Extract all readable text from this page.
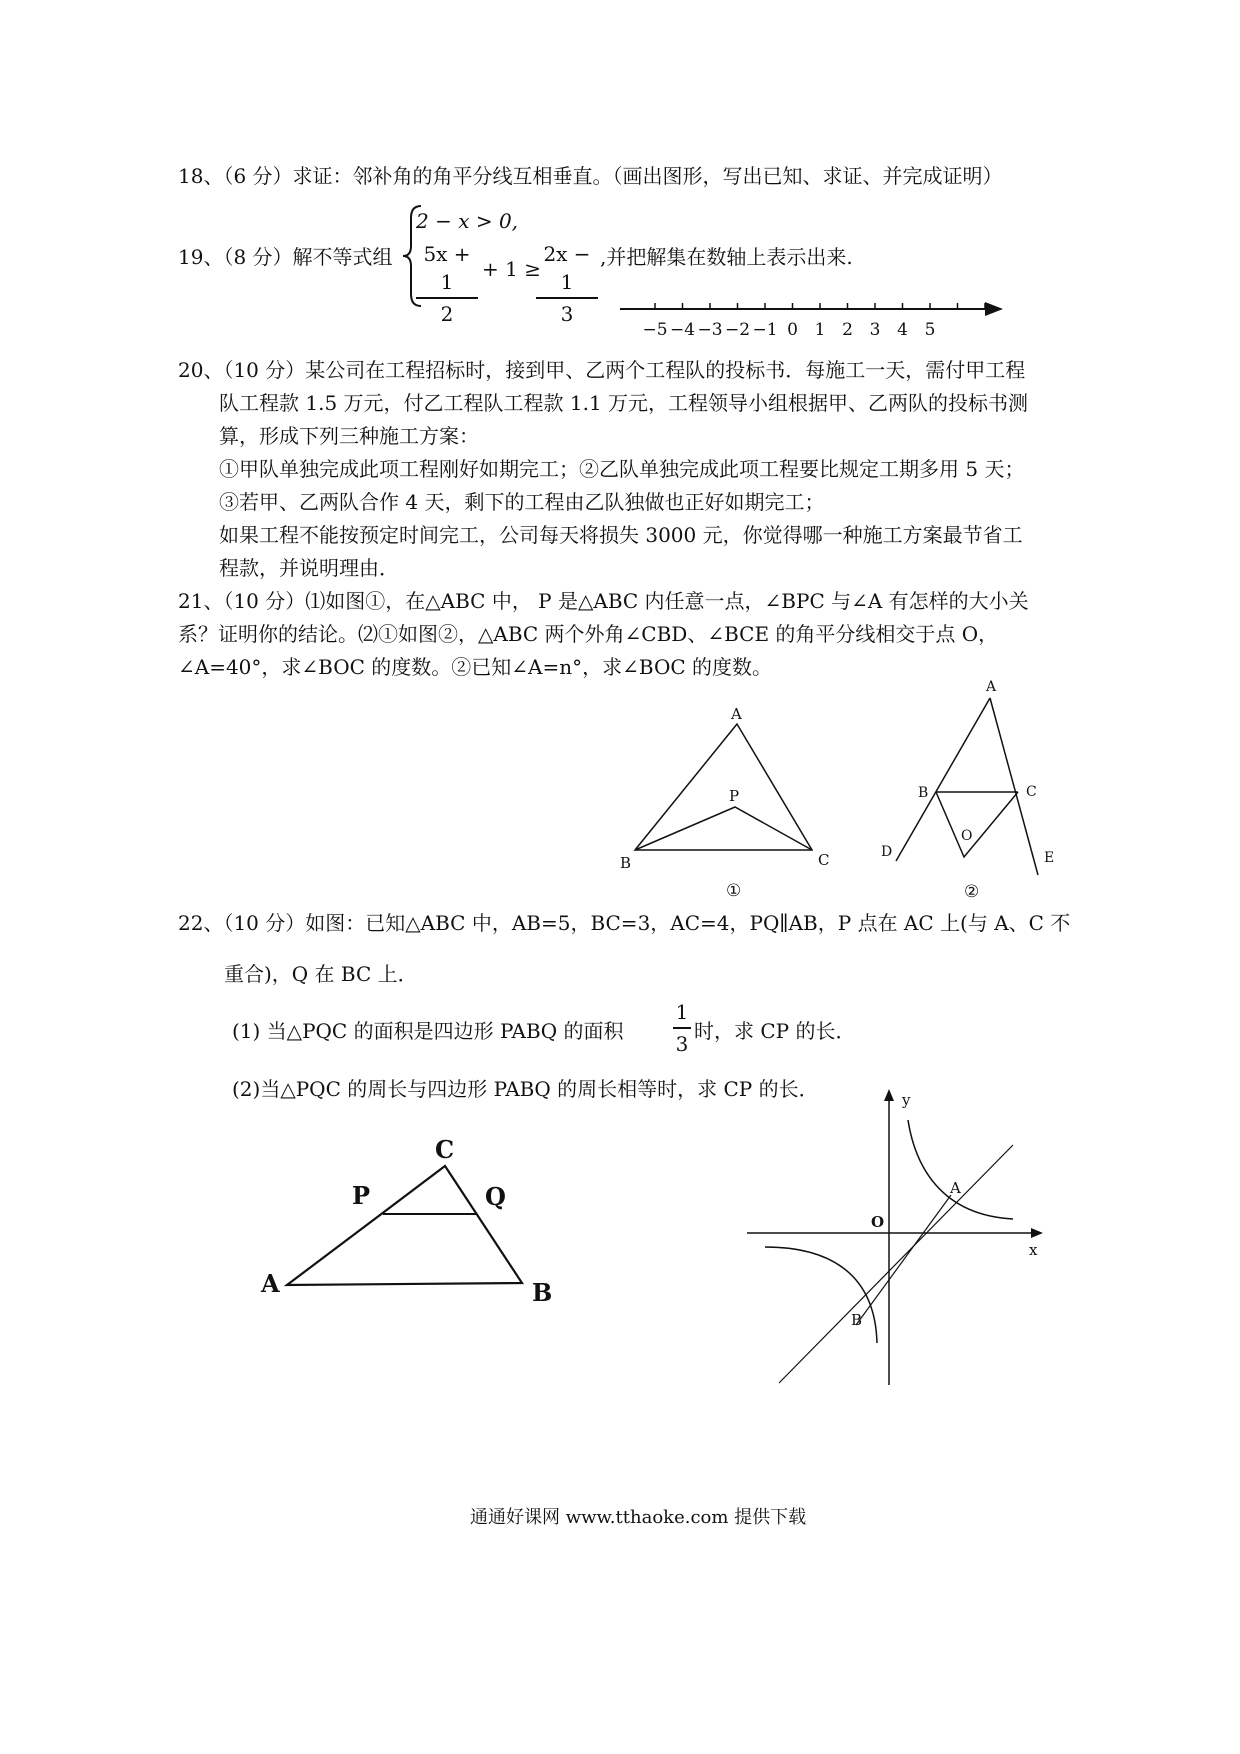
18、（6 分）求证：邻补角的角平分线互相垂直。（画出图形，写出已知、求证、并完成证明）
19、（8 分）解不等式组
2 − x > 0,
5x + 1
2
+ 1 ≥
2x − 1
3
,并把解集在数轴上表示出来.
−5 −4 −3 −2 −1 0 1 2 3 4 5
20、（10 分）某公司在工程招标时，接到甲、乙两个工程队的投标书．每施工一天，需付甲工程
队工程款 1.5 万元，付乙工程队工程款 1.1 万元，工程领导小组根据甲、乙两队的投标书测
算，形成下列三种施工方案：
①甲队单独完成此项工程刚好如期完工；②乙队单独完成此项工程要比规定工期多用 5 天；
③若甲、乙两队合作 4 天，剩下的工程由乙队独做也正好如期完工；
如果工程不能按预定时间完工，公司每天将损失 3000 元，你觉得哪一种施工方案最节省工
程款，并说明理由．
21、（10 分）⑴如图①，在△ABC 中， P 是△ABC 内任意一点，∠BPC 与∠A 有怎样的大小关
系？证明你的结论。⑵①如图②，△ABC 两个外角∠CBD、∠BCE 的角平分线相交于点 O，
∠A=40°，求∠BOC 的度数。②已知∠A=n°，求∠BOC 的度数。
A
P
B	C
①
A
B	C
D	E
O
②
22、（10 分）如图：已知△ABC 中，AB=5，BC=3，AC=4，PQ∥AB，P 点在 AC 上(与 A、C 不
重合)，Q 在 BC 上．
(1) 当△PQC 的面积是四边形 PABQ 的面积
1
3
时，求 CP 的长．
(2)当△PQC 的周长与四边形 PABQ 的周长相等时，求 CP 的长．
C
P	Q
A	B
y
x
O
A
B
通通好课网 www.tthaoke.com 提供下载
